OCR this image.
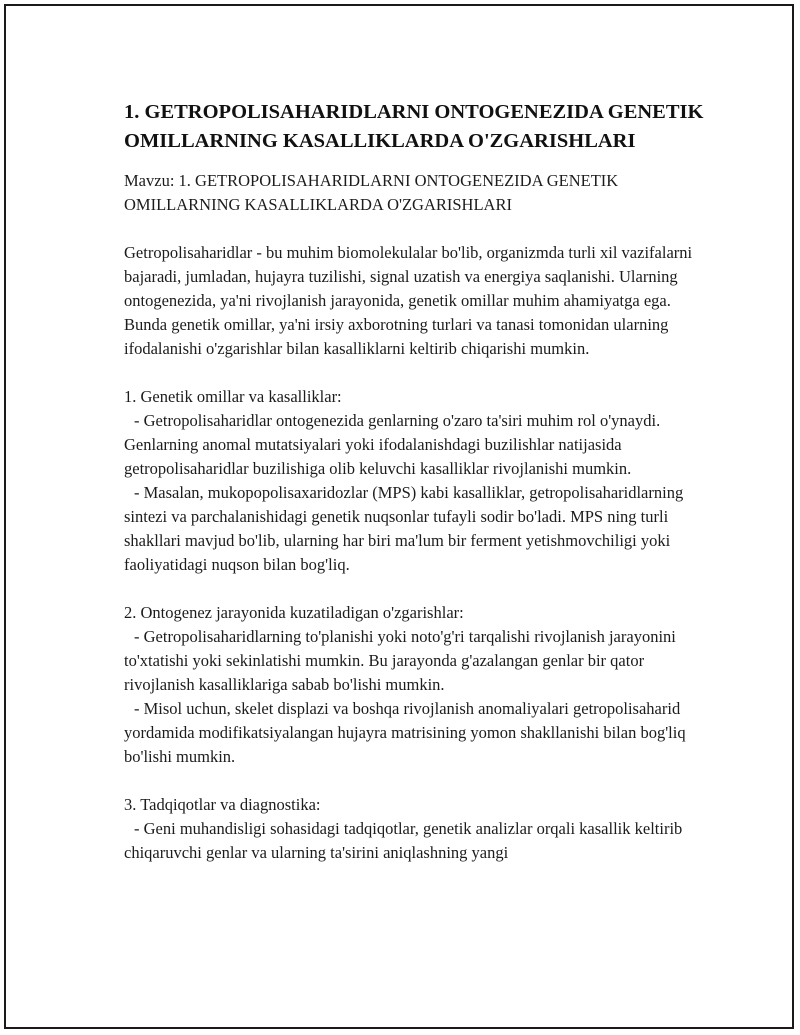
1. GETROPOLISAHARIDLARNI ONTOGENEZIDA GENETIK OMILLARNING KASALLIKLARDA O'ZGARISHLARI

Mavzu: 1. GETROPOLISAHARIDLARNI ONTOGENEZIDA GENETIK OMILLARNING KASALLIKLARDA O'ZGARISHLARI

Getropolisaharidlar - bu muhim biomolekulalar bo'lib, organizmda turli xil vazifalarni bajaradi, jumladan, hujayra tuzilishi, signal uzatish va energiya saqlanishi. Ularning ontogenezida, ya'ni rivojlanish jarayonida, genetik omillar muhim ahamiyatga ega. Bunda genetik omillar, ya'ni irsiy axborotning turlari va tanasi tomonidan ularning ifodalanishi o'zgarishlar bilan kasalliklarni keltirib chiqarishi mumkin.

1. Genetik omillar va kasalliklar:

- Getropolisaharidlar ontogenezida genlarning o'zaro ta'siri muhim rol o'ynaydi. Genlarning anomal mutatsiyalari yoki ifodalanishdagi buzilishlar natijasida getropolisaharidlar buzilishiga olib keluvchi kasalliklar rivojlanishi mumkin.

- Masalan, mukopopolisaxaridozlar (MPS) kabi kasalliklar, getropolisaharidlarning sintezi va parchalanishidagi genetik nuqsonlar tufayli sodir bo'ladi. MPS ning turli shakllari mavjud bo'lib, ularning har biri ma'lum bir ferment yetishmovchiligi yoki faoliyatidagi nuqson bilan bog'liq.

2. Ontogenez jarayonida kuzatiladigan o'zgarishlar:

- Getropolisaharidlarning to'planishi yoki noto'g'ri tarqalishi rivojlanish jarayonini to'xtatishi yoki sekinlatishi mumkin. Bu jarayonda g'azalangan genlar bir qator rivojlanish kasalliklariga sabab bo'lishi mumkin.

- Misol uchun, skelet displazi va boshqa rivojlanish anomaliyalari getropolisaharid yordamida modifikatsiyalangan hujayra matrisining yomon shakllanishi bilan bog'liq bo'lishi mumkin.

3. Tadqiqotlar va diagnostika:

- Geni muhandisligi sohasidagi tadqiqotlar, genetik analizlar orqali kasallik keltirib chiqaruvchi genlar va ularning ta'sirini aniqlashning yangi
